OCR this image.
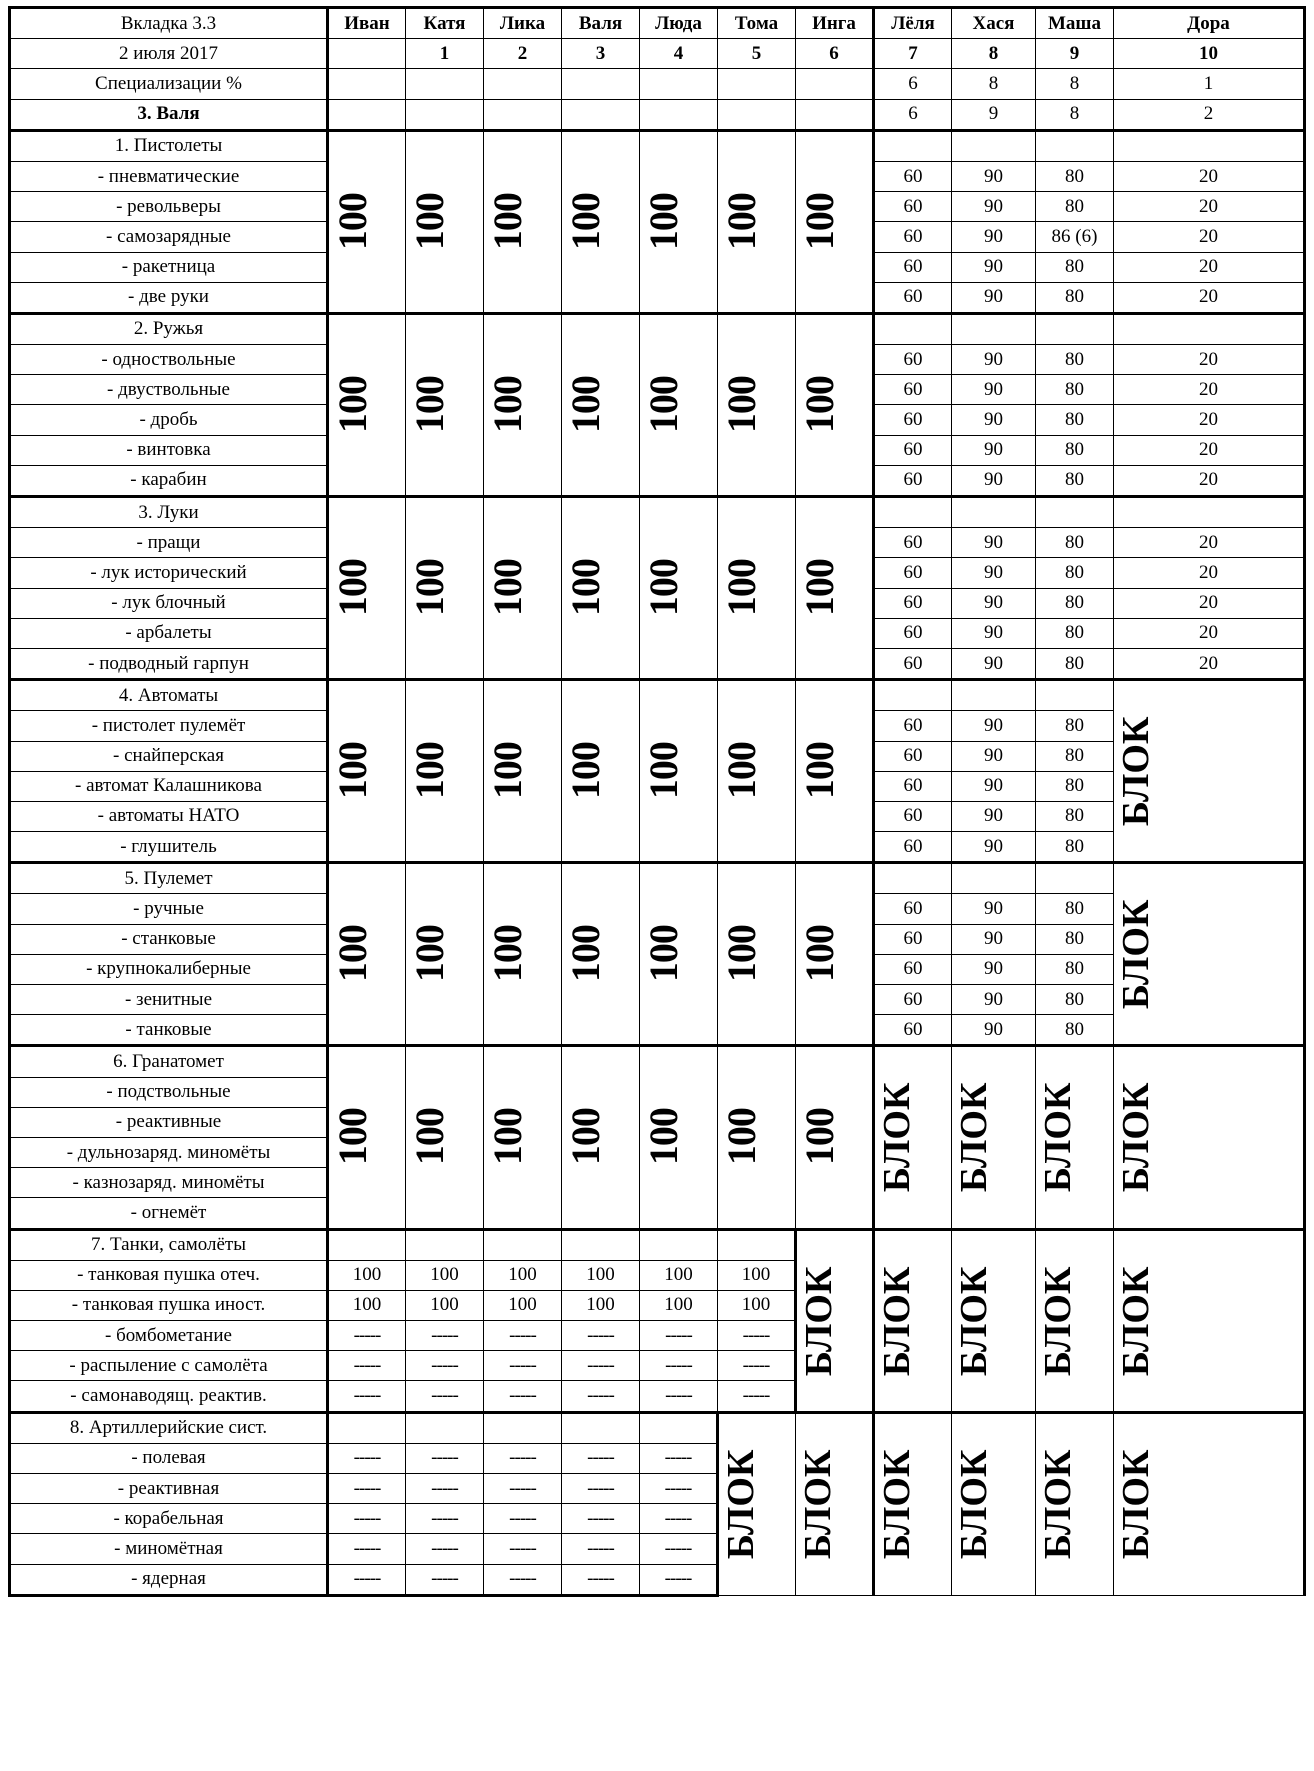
Вкладка 3.3	Иван	Катя	Лика	Валя	Люда	Тома	Инга	Лёля	Хася	Маша	Дора
2 июля 2017		1	2	3	4	5	6	7	8	9	10
Специализации %								6	8	8	1
3. Валя								6	9	8	2
1. Пистолеты	100	100	100	100	100	100	100				

- пневматические								60	90	80	20
- револьверы								60	90	80	20
- самозарядные								60	90	86 (6)	20
- ракетница								60	90	80	20
- две руки								60	90	80	20
2. Ружья	100	100	100	100	100	100	100				

- одноствольные								60	90	80	20
- двуствольные								60	90	80	20
- дробь								60	90	80	20
- винтовка								60	90	80	20
- карабин								60	90	80	20
3. Луки	100	100	100	100	100	100	100				

- пращи								60	90	80	20
- лук исторический								60	90	80	20
- лук блочный								60	90	80	20
- арбалеты								60	90	80	20
- подводный гарпун								60	90	80	20
4. Автоматы	100	100	100	100	100	100	100				БЛОК

- пистолет пулемёт								60	90	80	
- снайперская								60	90	80	
- автомат Калашникова								60	90	80	
- автоматы НАТО								60	90	80	
- глушитель								60	90	80	
5. Пулемет	100	100	100	100	100	100	100				БЛОК

- ручные								60	90	80	
- станковые								60	90	80	
- крупнокалиберные								60	90	80	
- зенитные								60	90	80	
- танковые								60	90	80	
6. Гранатомет	100	100	100	100	100	100	100	БЛОК	БЛОК	БЛОК	БЛОК

- подствольные											
- реактивные											
- дульнозаряд. миномёты											
- казнозаряд. миномёты											
- огнемёт											
7. Танки, самолёты							БЛОК	БЛОК	БЛОК	БЛОК	БЛОК

- танковая пушка отеч.	100	100	100	100	100	100					
- танковая пушка иност.	100	100	100	100	100	100					
- бомбометание	-----	-----	-----	-----	-----	-----					
- распыление с самолёта	-----	-----	-----	-----	-----	-----					
- самонаводящ. реактив.	-----	-----	-----	-----	-----	-----					
8. Артиллерийские сист.						БЛОК	БЛОК	БЛОК	БЛОК	БЛОК	БЛОК

- полевая	-----	-----	-----	-----	-----						
- реактивная	-----	-----	-----	-----	-----						
- корабельная	-----	-----	-----	-----	-----						
- миномётная	-----	-----	-----	-----	-----						
- ядерная	-----	-----	-----	-----	-----						
